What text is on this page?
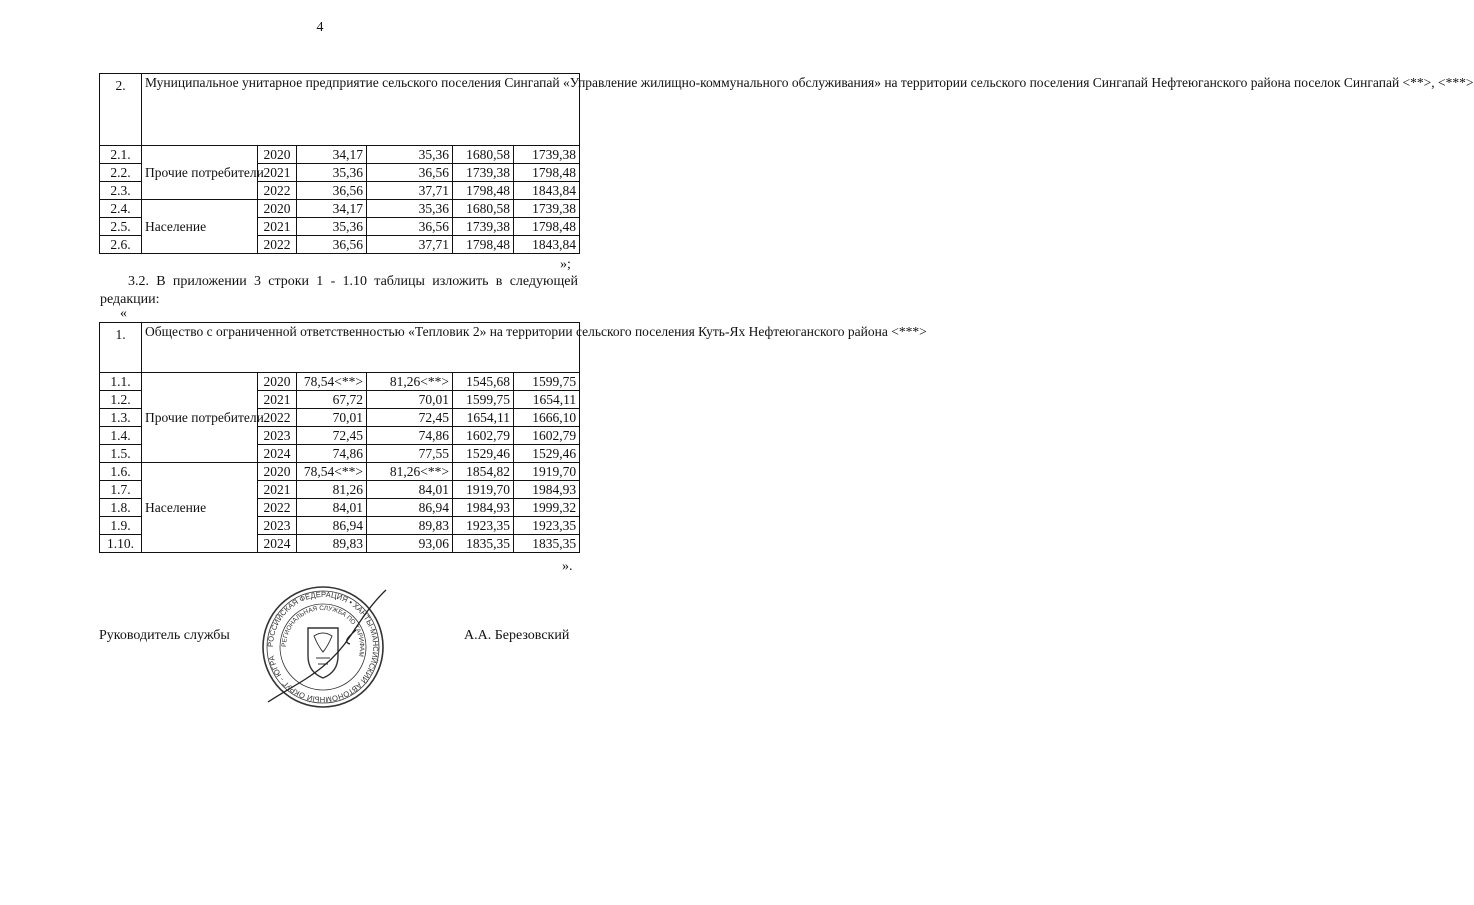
4
2.	Муниципальное унитарное предприятие сельского поселения Сингапай «Управление жилищно-коммунального обслуживания» на территории сельского поселения Сингапай Нефтеюганского района поселок Сингапай <**>, <***>					
2.1.	Прочие потребители	2020	34,17	35,36	1680,58	1739,38
2.2.		2021	35,36	36,56	1739,38	1798,48
2.3.		2022	36,56	37,71	1798,48	1843,84
2.4.	Население	2020	34,17	35,36	1680,58	1739,38
2.5.		2021	35,36	36,56	1739,38	1798,48
2.6.		2022	36,56	37,71	1798,48	1843,84
»;
3.2. В приложении 3 строки 1 - 1.10 таблицы изложить в следующей редакции:
«
1.	Общество с ограниченной ответственностью «Тепловик 2» на территории сельского поселения Куть-Ях Нефтеюганского района <***>					
1.1.	Прочие потребители	2020	78,54<**>	81,26<**>	1545,68	1599,75
1.2.		2021	67,72	70,01	1599,75	1654,11
1.3.		2022	70,01	72,45	1654,11	1666,10
1.4.		2023	72,45	74,86	1602,79	1602,79
1.5.		2024	74,86	77,55	1529,46	1529,46
1.6.	Население	2020	78,54<**>	81,26<**>	1854,82	1919,70
1.7.		2021	81,26	84,01	1919,70	1984,93
1.8.		2022	84,01	86,94	1984,93	1999,32
1.9.		2023	86,94	89,83	1923,35	1923,35
1.10.		2024	89,83	93,06	1835,35	1835,35
».
Руководитель службы	А.А. Березовский
РОССИЙСКАЯ ФЕДЕРАЦИЯ • ХАНТЫ-МАНСИЙСКИЙ АВТОНОМНЫЙ ОКРУГ - ЮГРА
РЕГИОНАЛЬНАЯ СЛУЖБА ПО ТАРИФАМ
